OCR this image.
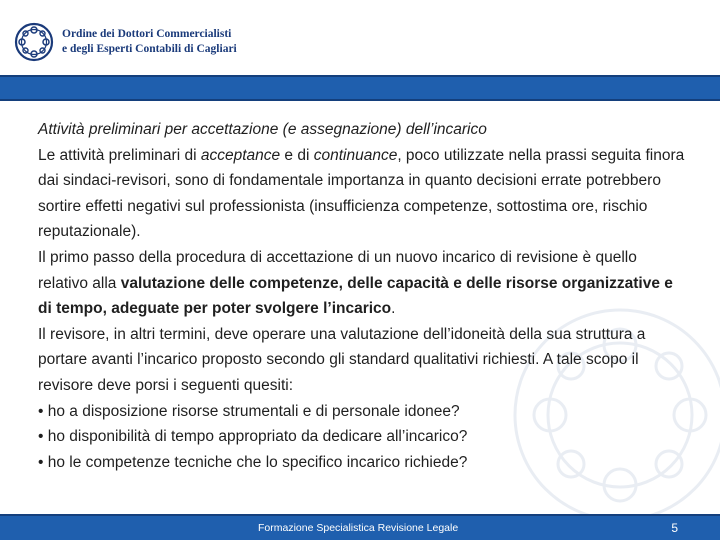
Ordine dei Dottori Commercialisti
e degli Esperti Contabili di Cagliari

Attività preliminari per accettazione (e assegnazione) dell’incarico

Le attività preliminari di acceptance e di continuance, poco utilizzate nella prassi seguita finora dai sindaci-revisori, sono di fondamentale importanza in quanto decisioni errate potrebbero sortire effetti negativi sul professionista (insufficienza competenze, sottostima ore, rischio reputazionale).

Il primo passo della procedura di accettazione di un nuovo incarico di revisione è quello relativo alla valutazione delle competenze, delle capacità e delle risorse organizzative e di tempo, adeguate per poter svolgere l’incarico.

Il revisore, in altri termini, deve operare una valutazione dell’idoneità della sua struttura a portare avanti l’incarico proposto secondo gli standard qualitativi richiesti. A tale scopo il revisore deve porsi i seguenti quesiti:

• ho a disposizione risorse strumentali e di personale idonee?

• ho disponibilità di tempo appropriato da dedicare all’incarico?

• ho le competenze tecniche che lo specifico incarico richiede?

Formazione Specialistica Revisione Legale	5
